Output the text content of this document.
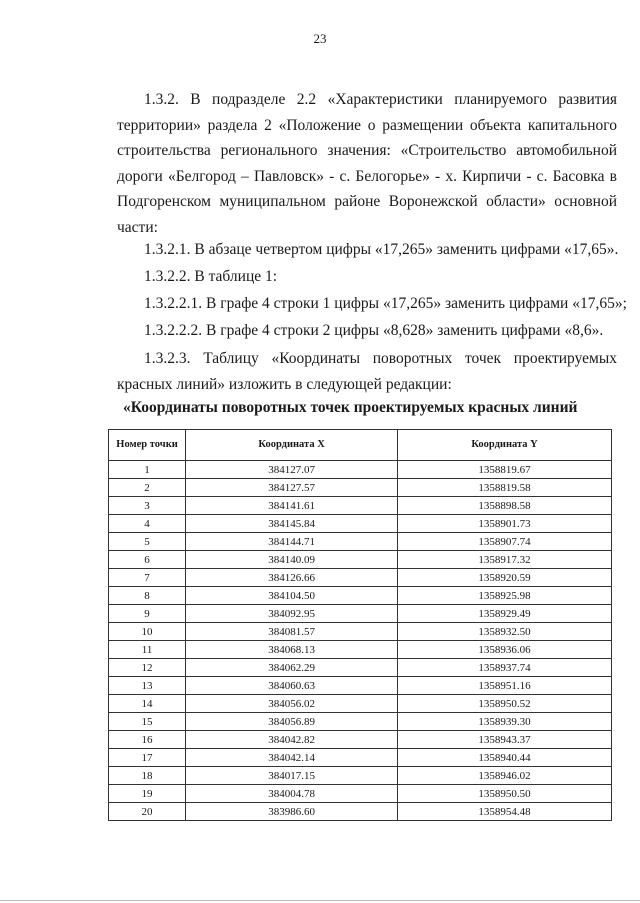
23

1.3.2. В подразделе 2.2 «Характеристики планируемого развития территории» раздела 2 «Положение о размещении объекта капитального строительства регионального значения: «Строительство автомобильной дороги «Белгород – Павловск» - с. Белогорье» - х. Кирпичи - с. Басовка в Подгоренском муниципальном районе Воронежской области» основной части:

1.3.2.1. В абзаце четвертом цифры «17,265» заменить цифрами «17,65».
1.3.2.2. В таблице 1:
1.3.2.2.1. В графе 4 строки 1 цифры «17,265» заменить цифрами «17,65»;
1.3.2.2.2. В графе 4 строки 2 цифры «8,628» заменить цифрами «8,6».

1.3.2.3. Таблицу «Координаты поворотных точек проектируемых красных линий» изложить в следующей редакции:

«Координаты поворотных точек проектируемых красных линий
Номер точки	Координата X	Координата Y
1	384127.07	1358819.67
2	384127.57	1358819.58
3	384141.61	1358898.58
4	384145.84	1358901.73
5	384144.71	1358907.74
6	384140.09	1358917.32
7	384126.66	1358920.59
8	384104.50	1358925.98
9	384092.95	1358929.49
10	384081.57	1358932.50
11	384068.13	1358936.06
12	384062.29	1358937.74
13	384060.63	1358951.16
14	384056.02	1358950.52
15	384056.89	1358939.30
16	384042.82	1358943.37
17	384042.14	1358940.44
18	384017.15	1358946.02
19	384004.78	1358950.50
20	383986.60	1358954.48
